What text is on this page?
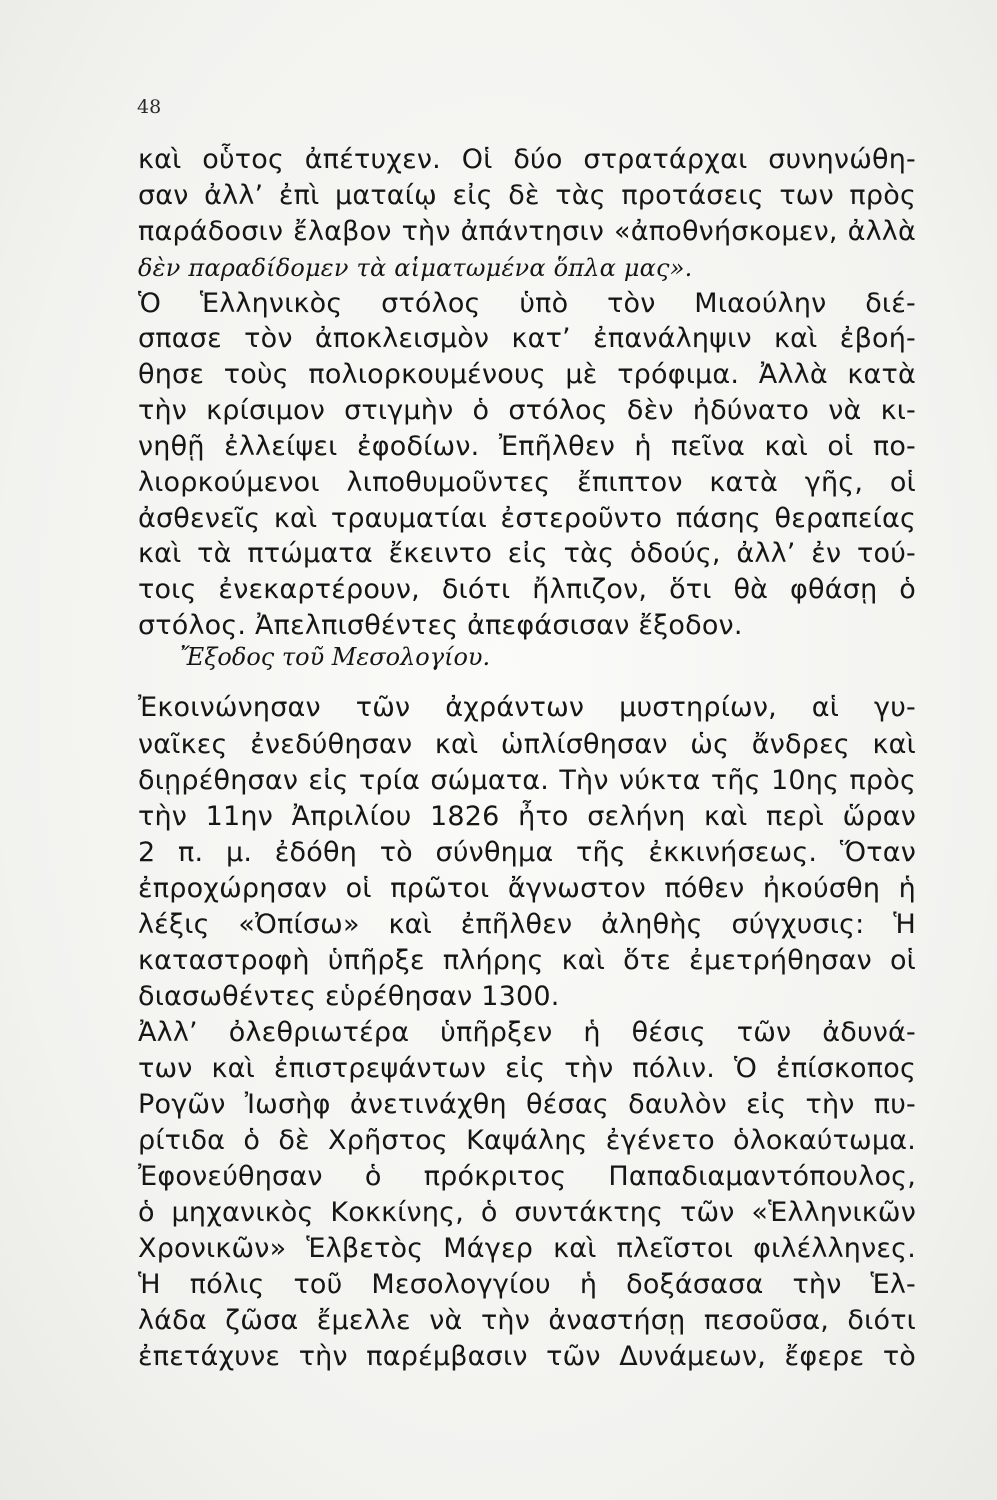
48
καὶ οὗτος ἀπέτυχεν. Οἱ δύο στρατάρχαι συνηνώθη-
σαν ἀλλ’ ἐπὶ ματαίῳ εἰς δὲ τὰς προτάσεις των πρὸς
παράδοσιν ἔλαβον τὴν ἀπάντησιν «ἀποθνήσκομεν, ἀλλὰ
δὲν παραδίδομεν τὰ αἱματωμένα ὅπλα μας».
Ὁ Ἑλληνικὸς στόλος ὑπὸ τὸν Μιαούλην διέ-
σπασε τὸν ἀποκλεισμὸν κατ’ ἐπανάληψιν καὶ ἐβοή-
θησε τοὺς πολιορκουμένους μὲ τρόφιμα. Ἀλλὰ κατὰ
τὴν κρίσιμον στιγμὴν ὁ στόλος δὲν ἠδύνατο νὰ κι-
νηθῇ ἐλλείψει ἐφοδίων. Ἐπῆλθεν ἡ πεῖνα καὶ οἱ πο-
λιορκούμενοι λιποθυμοῦντες ἔπιπτον κατὰ γῆς, οἱ
ἀσθενεῖς καὶ τραυματίαι ἐστεροῦντο πάσης θεραπείας
καὶ τὰ πτώματα ἔκειντο εἰς τὰς ὁδούς, ἀλλ’ ἐν τού-
τοις ἐνεκαρτέρουν, διότι ἤλπιζον, ὅτι θὰ φθάσῃ ὁ
στόλος. Ἀπελπισθέντες ἀπεφάσισαν ἔξοδον.
Ἔξοδος τοῦ Μεσολογίου.
Ἐκοινώνησαν τῶν ἀχράντων μυστηρίων, αἱ γυ-
ναῖκες ἐνεδύθησαν καὶ ὡπλίσθησαν ὡς ἄνδρες καὶ
διῃρέθησαν εἰς τρία σώματα. Τὴν νύκτα τῆς 10ης πρὸς
τὴν 11ην Ἀπριλίου 1826 ἦτο σελήνη καὶ περὶ ὥραν
2 π. μ. ἐδόθη τὸ σύνθημα τῆς ἐκκινήσεως. Ὅταν
ἐπροχώρησαν οἱ πρῶτοι ἄγνωστον πόθεν ἠκούσθη ἡ
λέξις «Ὀπίσω» καὶ ἐπῆλθεν ἀληθὴς σύγχυσις: Ἡ
καταστροφὴ ὑπῆρξε πλήρης καὶ ὅτε ἐμετρήθησαν οἱ
διασωθέντες εὑρέθησαν 1300.
Ἀλλ’ ὀλεθριωτέρα ὑπῆρξεν ἡ θέσις τῶν ἀδυνά-
των καὶ ἐπιστρεψάντων εἰς τὴν πόλιν. Ὁ ἐπίσκοπος
Ρογῶν Ἰωσὴφ ἀνετινάχθη θέσας δαυλὸν εἰς τὴν πυ-
ρίτιδα ὁ δὲ Χρῆστος Καψάλης ἐγένετο ὁλοκαύτωμα.
Ἐφονεύθησαν ὁ πρόκριτος Παπαδιαμαντόπουλος,
ὁ μηχανικὸς Κοκκίνης, ὁ συντάκτης τῶν «Ἑλληνικῶν
Χρονικῶν» Ἑλβετὸς Μάγερ καὶ πλεῖστοι φιλέλληνες.
Ἡ πόλις τοῦ Μεσολογγίου ἡ δοξάσασα τὴν Ἑλ-
λάδα ζῶσα ἔμελλε νὰ τὴν ἀναστήσῃ πεσοῦσα, διότι
ἐπετάχυνε τὴν παρέμβασιν τῶν Δυνάμεων, ἔφερε τὸ
